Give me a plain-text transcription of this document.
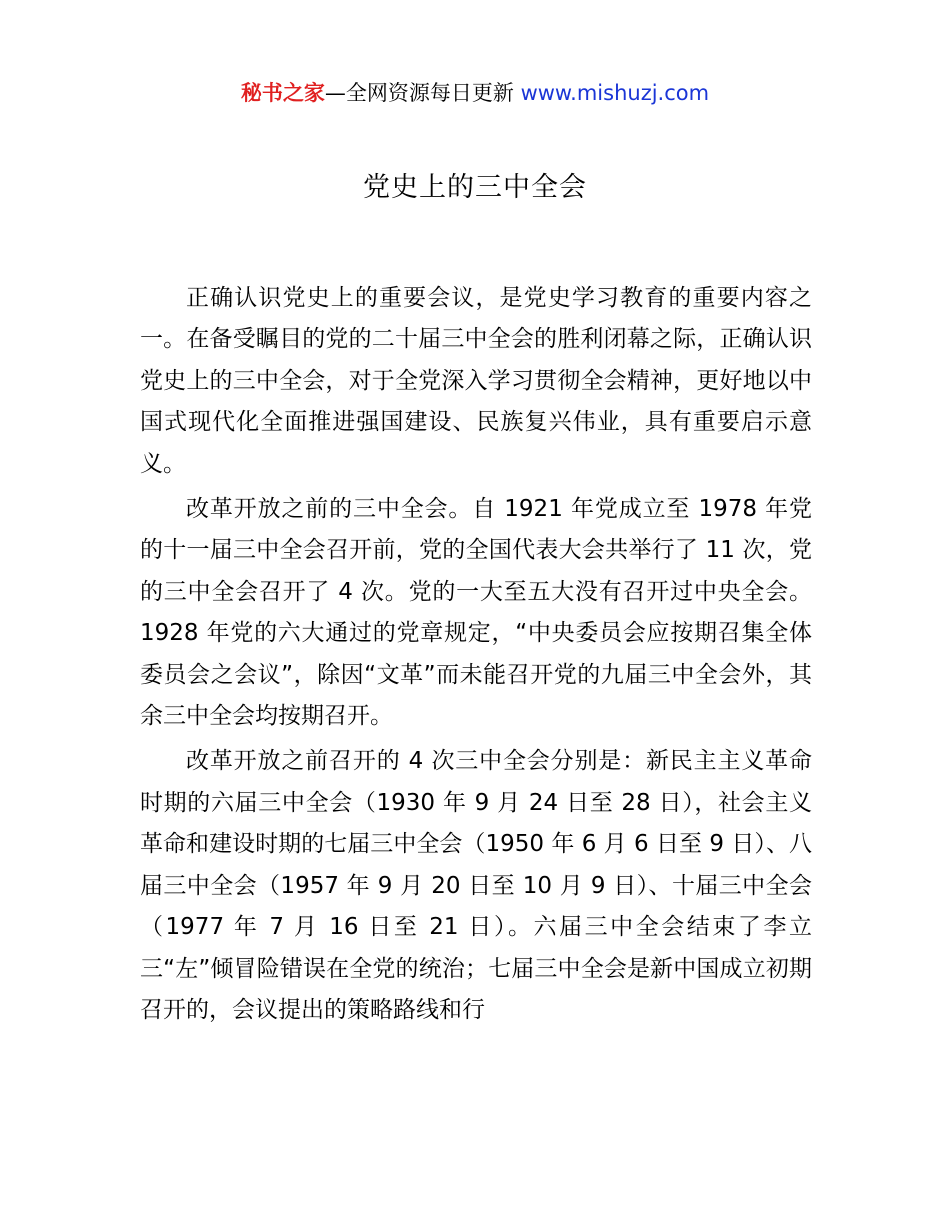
秘书之家—全网资源每日更新 www.mishuzj.com
党史上的三中全会

正确认识党史上的重要会议，是党史学习教育的重要内容之一。在备受瞩目的党的二十届三中全会的胜利闭幕之际，正确认识党史上的三中全会，对于全党深入学习贯彻全会精神，更好地以中国式现代化全面推进强国建设、民族复兴伟业，具有重要启示意义。

改革开放之前的三中全会。自 1921 年党成立至 1978 年党的十一届三中全会召开前，党的全国代表大会共举行了 11 次，党的三中全会召开了 4 次。党的一大至五大没有召开过中央全会。1928 年党的六大通过的党章规定，“中央委员会应按期召集全体委员会之会议”，除因“文革”而未能召开党的九届三中全会外，其余三中全会均按期召开。

改革开放之前召开的 4 次三中全会分别是：新民主主义革命时期的六届三中全会（1930 年 9 月 24 日至 28 日），社会主义革命和建设时期的七届三中全会（1950 年 6 月 6 日至 9 日）、八届三中全会（1957 年 9 月 20 日至 10 月 9 日）、十届三中全会（1977 年 7 月 16 日至 21 日）。六届三中全会结束了李立三“左”倾冒险错误在全党的统治；七届三中全会是新中国成立初期召开的，会议提出的策略路线和行
